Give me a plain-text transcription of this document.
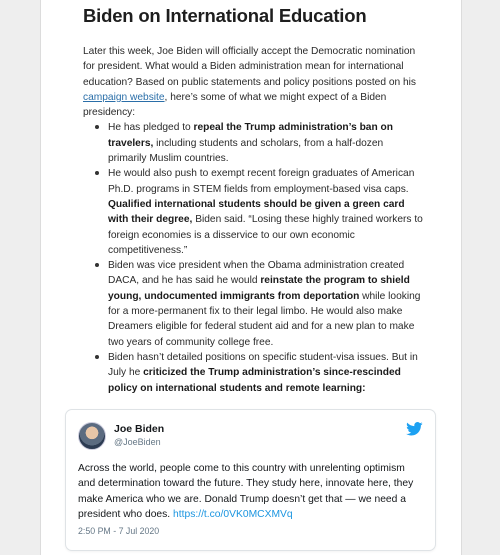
Biden on International Education

Later this week, Joe Biden will officially accept the Democratic nomination for president. What would a Biden administration mean for international education? Based on public statements and policy positions posted on his campaign website, here’s some of what we might expect of a Biden presidency:

He has pledged to repeal the Trump administration’s ban on travelers, including students and scholars, from a half-dozen primarily Muslim countries.
He would also push to exempt recent foreign graduates of American Ph.D. programs in STEM fields from employment-based visa caps. Qualified international students should be given a green card with their degree, Biden said. “Losing these highly trained workers to foreign economies is a disservice to our own economic competitiveness.”
Biden was vice president when the Obama administration created DACA, and he has said he would reinstate the program to shield young, undocumented immigrants from deportation while looking for a more-permanent fix to their legal limbo. He would also make Dreamers eligible for federal student aid and for a new plan to make two years of community college free.
Biden hasn’t detailed positions on specific student-visa issues. But in July he criticized the Trump administration’s since-rescinded policy on international students and remote learning:
Joe Biden
@JoeBiden
Across the world, people come to this country with unrelenting optimism and determination toward the future. They study here, innovate here, they make America who we are. Donald Trump doesn’t get that — we need a president who does. https://t.co/0VK0MCXMVq
2:50 PM - 7 Jul 2020
